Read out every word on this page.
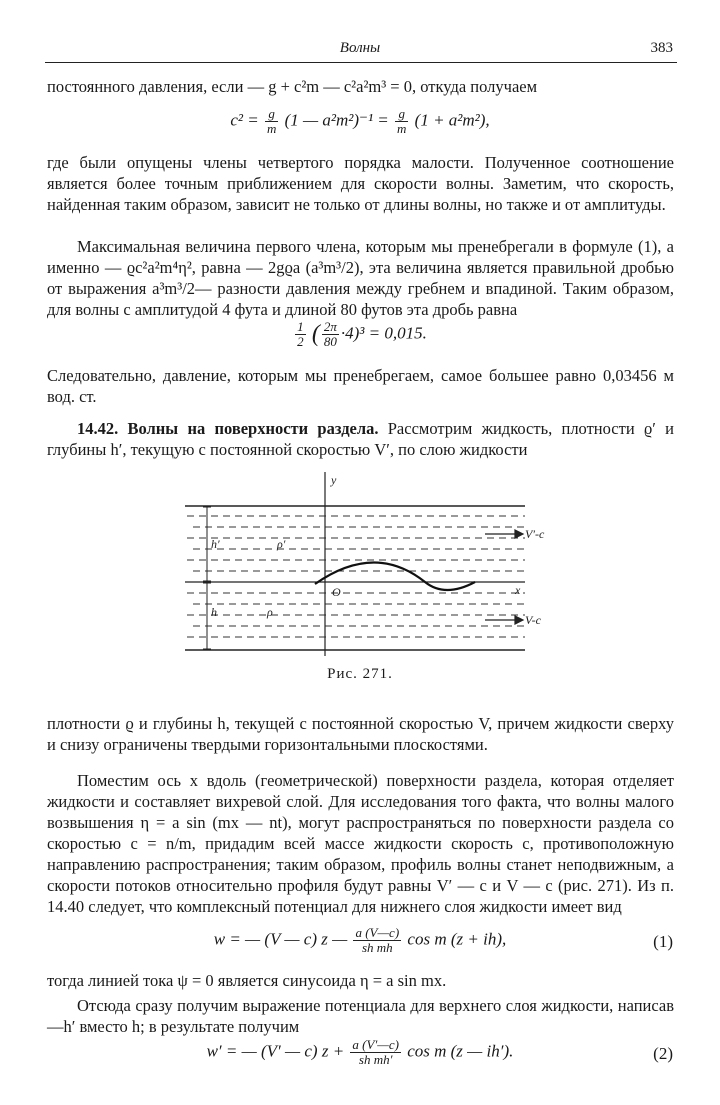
Волны	383

постоянного давления, если — g + c²m — c²a²m³ = 0, откуда получаем

$c^2 = \frac{g}{m} (1$ — $a^2m^2)^{-1} = \frac{g}{m} (1 + a^2m^2)$,

где были опущены члены четвертого порядка малости. Полученное соотношение является более точным приближением для скорости волны. Заметим, что скорость, найденная таким образом, зависит не только от длины волны, но также и от амплитуды.

Максимальная величина первого члена, которым мы пренебрегали в формуле (1), а именно — ϱc²a²m⁴η², равна — 2gϱa (a³m³/2), эта величина является правильной дробью от выражения a³m³/2— разности давления между гребнем и впадиной. Таким образом, для волны с амплитудой 4 фута и длиной 80 футов эта дробь равна

$\frac{1}{2}$ ( $\frac{2\pi}{80} \cdot 4)^3 = 0,015$.

Следовательно, давление, которым мы пренебрегаем, самое большее равно 0,03456 м вод. ст.

14.42. Волны на поверхности раздела. Рассмотрим жидкость, плотности ϱ′ и глубины h′, текущую с постоянной скоростью V′, по слою жидкости

y
h′	ρ′
h	ρ
O	x
V′-c
V-c
Рис. 271.

плотности ϱ и глубины h, текущей с постоянной скоростью V, причем жидкости сверху и снизу ограничены твердыми горизонтальными плоскостями.

Поместим ось x вдоль (геометрической) поверхности раздела, которая отделяет жидкости и составляет вихревой слой. Для исследования того факта, что волны малого возвышения η = a sin (mx — nt), могут распространяться по поверхности раздела со скоростью c = n/m, придадим всей массе жидкости скорость c, противоположную направлению распространения; таким образом, профиль волны станет неподвижным, а скорости потоков относительно профиля будут равны V′ — c и V — c (рис. 271). Из п. 14.40 следует, что комплексный потенциал для нижнего слоя жидкости имеет вид

w = — (V — c) z — $\frac{a (V—c)}{\text{sh mh}}$ cos m (z + ih),	(1)

тогда линией тока ψ = 0 является синусоида η = a sin mx.

Отсюда сразу получим выражение потенциала для верхнего слоя жидкости, написав —h′ вместо h; в результате получим

w′ = — (V′ — c) $z + \frac{a (V'—c)}{\text{sh mh′}}$ cos m (z — ih′).	(2)
